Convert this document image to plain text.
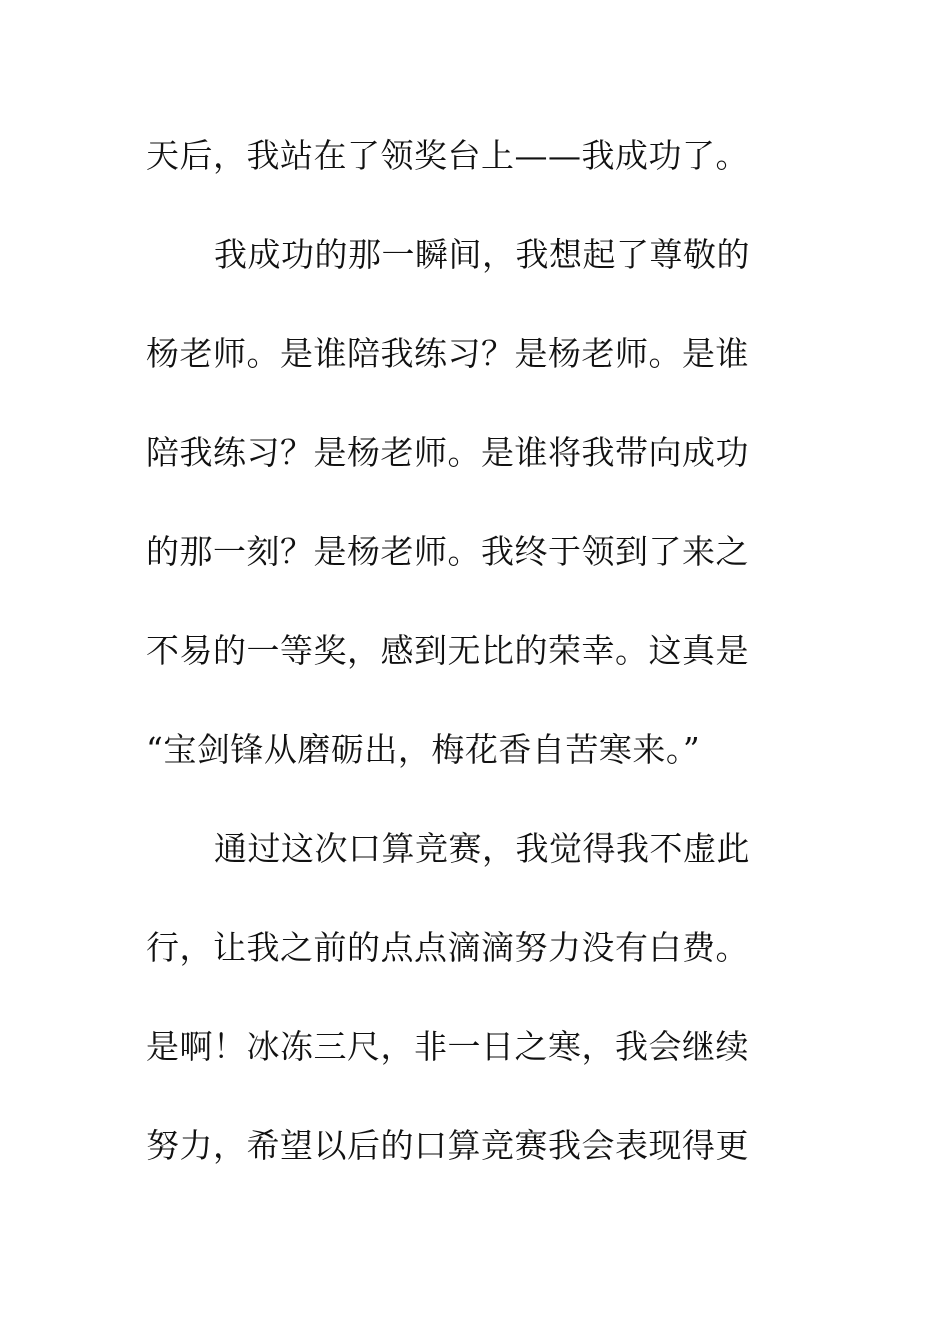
天后，我站在了领奖台上——我成功了。
我成功的那一瞬间，我想起了尊敬的
杨老师。是谁陪我练习？是杨老师。是谁
陪我练习？是杨老师。是谁将我带向成功
的那一刻？是杨老师。我终于领到了来之
不易的一等奖，感到无比的荣幸。这真是
“宝剑锋从磨砺出，梅花香自苦寒来。”
通过这次口算竞赛，我觉得我不虚此
行，让我之前的点点滴滴努力没有白费。
是啊！冰冻三尺，非一日之寒，我会继续
努力，希望以后的口算竞赛我会表现得更
